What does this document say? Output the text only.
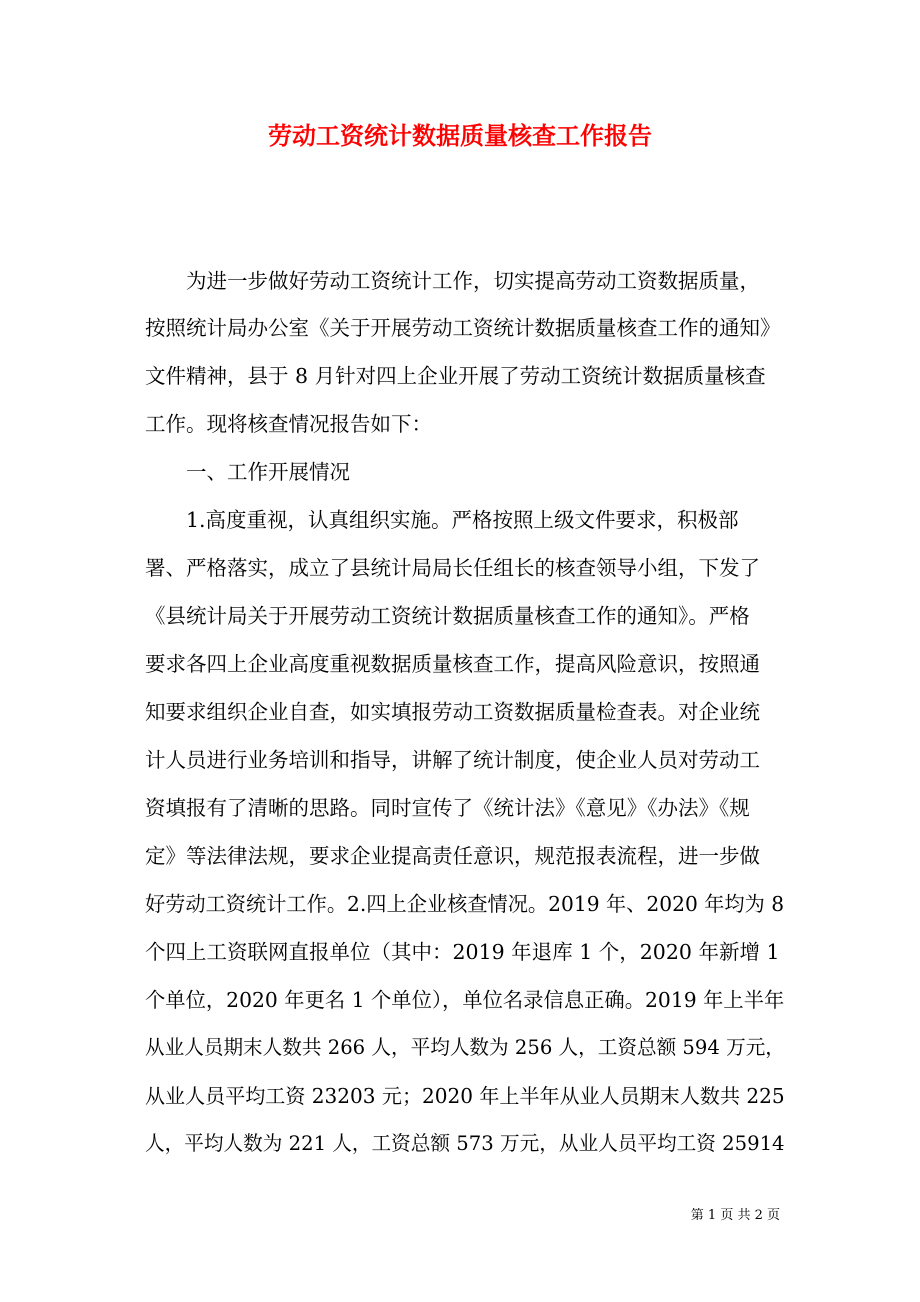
劳动工资统计数据质量核查工作报告
　　为进一步做好劳动工资统计工作，切实提高劳动工资数据质量，
按照统计局办公室《关于开展劳动工资统计数据质量核查工作的通知》
文件精神，县于 8 月针对四上企业开展了劳动工资统计数据质量核查
工作。现将核查情况报告如下：
　　一、工作开展情况
　　1.高度重视，认真组织实施。严格按照上级文件要求，积极部
署、严格落实，成立了县统计局局长任组长的核查领导小组，下发了
《县统计局关于开展劳动工资统计数据质量核查工作的通知》。严格
要求各四上企业高度重视数据质量核查工作，提高风险意识，按照通
知要求组织企业自查，如实填报劳动工资数据质量检查表。对企业统
计人员进行业务培训和指导，讲解了统计制度，使企业人员对劳动工
资填报有了清晰的思路。同时宣传了《统计法》《意见》《办法》《规
定》等法律法规，要求企业提高责任意识，规范报表流程，进一步做
好劳动工资统计工作。2.四上企业核查情况。2019 年、2020 年均为 8
个四上工资联网直报单位（其中：2019 年退库 1 个，2020 年新增 1
个单位，2020 年更名 1 个单位），单位名录信息正确。2019 年上半年
从业人员期末人数共 266 人，平均人数为 256 人，工资总额 594 万元，
从业人员平均工资 23203 元；2020 年上半年从业人员期末人数共 225
人，平均人数为 221 人，工资总额 573 万元，从业人员平均工资 25914
第 1 页 共 2 页
